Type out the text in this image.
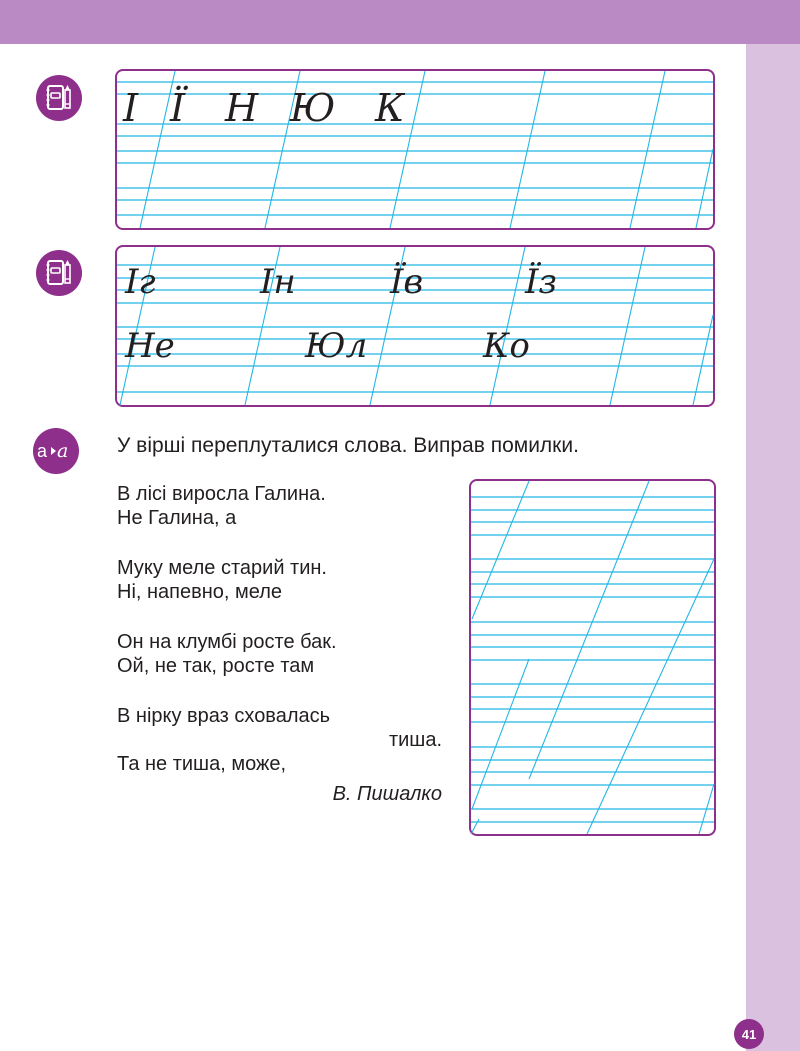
І Ї Н Ю К
Іг	Ін	Їв	Їз
Не	Юл	Ко
а а У вірші переплуталися слова. Виправ помилки.
В лісі виросла Галина.
Не Галина, а
Муку меле старий тин.
Ні, напевно, меле
Он на клумбі росте бак.
Ой, не так, росте там
В нірку враз сховалась
тиша.
Та не тиша, може,
В. Пишалко
41
